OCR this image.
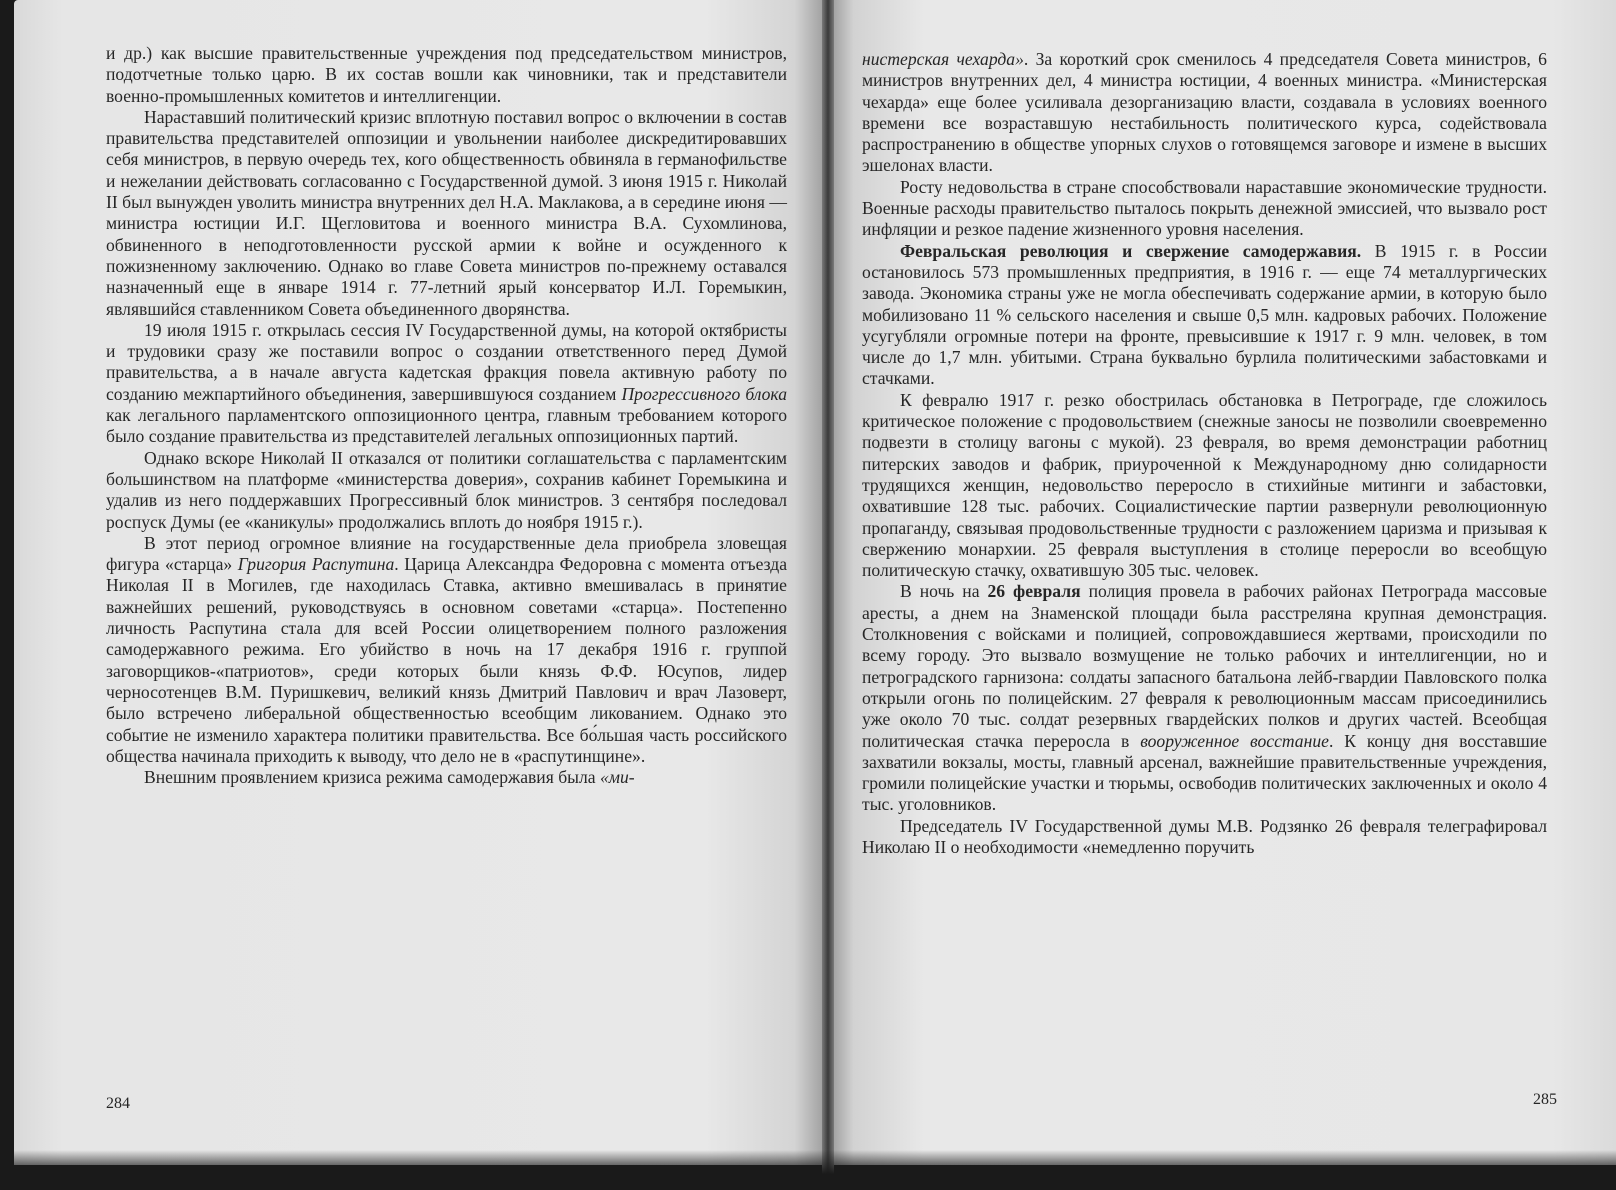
и др.) как высшие правительственные учреждения под председательством министров, подотчетные только царю. В их состав вошли как чиновники, так и представители военно-промышленных комитетов и интеллигенции.

Нараставший политический кризис вплотную поставил вопрос о включении в состав правительства представителей оппозиции и увольнении наиболее дискредитировавших себя министров, в первую очередь тех, кого общественность обвиняла в германофильстве и нежелании действовать согласованно с Государственной думой. 3 июня 1915 г. Николай II был вынужден уволить министра внутренних дел Н.А. Маклакова, а в середине июня — министра юстиции И.Г. Щегловитова и военного министра В.А. Сухомлинова, обвиненного в неподготовленности русской армии к войне и осужденного к пожизненному заключению. Однако во главе Совета министров по-прежнему оставался назначенный еще в январе 1914 г. 77-летний ярый консерватор И.Л. Горемыкин, являвшийся ставленником Совета объединенного дворянства.

19 июля 1915 г. открылась сессия IV Государственной думы, на которой октябристы и трудовики сразу же поставили вопрос о создании ответственного перед Думой правительства, а в начале августа кадетская фракция повела активную работу по созданию межпартийного объединения, завершившуюся созданием Прогрессивного блока как легального парламентского оппозиционного центра, главным требованием которого было создание правительства из представителей легальных оппозиционных партий.

Однако вскоре Николай II отказался от политики соглашательства с парламентским большинством на платформе «министерства доверия», сохранив кабинет Горемыкина и удалив из него поддержавших Прогрессивный блок министров. 3 сентября последовал роспуск Думы (ее «каникулы» продолжались вплоть до ноября 1915 г.).

В этот период огромное влияние на государственные дела приобрела зловещая фигура «старца» Григория Распутина. Царица Александра Федоровна с момента отъезда Николая II в Могилев, где находилась Ставка, активно вмешивалась в принятие важнейших решений, руководствуясь в основном советами «старца». Постепенно личность Распутина стала для всей России олицетворением полного разложения самодержавного режима. Его убийство в ночь на 17 декабря 1916 г. группой заговорщиков-«патриотов», среди которых были князь Ф.Ф. Юсупов, лидер черносотенцев В.М. Пуришкевич, великий князь Дмитрий Павлович и врач Лазоверт, было встречено либеральной общественностью всеобщим ликованием. Однако это событие не изменило характера политики правительства. Все бо́льшая часть российского общества начинала приходить к выводу, что дело не в «распутинщине».

Внешним проявлением кризиса режима самодержавия была «ми-

284

нистерская чехарда». За короткий срок сменилось 4 председателя Совета министров, 6 министров внутренних дел, 4 министра юстиции, 4 военных министра. «Министерская чехарда» еще более усиливала дезорганизацию власти, создавала в условиях военного времени все возраставшую нестабильность политического курса, содействовала распространению в обществе упорных слухов о готовящемся заговоре и измене в высших эшелонах власти.

Росту недовольства в стране способствовали нараставшие экономические трудности. Военные расходы правительство пыталось покрыть денежной эмиссией, что вызвало рост инфляции и резкое падение жизненного уровня населения.

Февральская революция и свержение самодержавия. В 1915 г. в России остановилось 573 промышленных предприятия, в 1916 г. — еще 74 металлургических завода. Экономика страны уже не могла обеспечивать содержание армии, в которую было мобилизовано 11 % сельского населения и свыше 0,5 млн. кадровых рабочих. Положение усугубляли огромные потери на фронте, превысившие к 1917 г. 9 млн. человек, в том числе до 1,7 млн. убитыми. Страна буквально бурлила политическими забастовками и стачками.

К февралю 1917 г. резко обострилась обстановка в Петрограде, где сложилось критическое положение с продовольствием (снежные заносы не позволили своевременно подвезти в столицу вагоны с мукой). 23 февраля, во время демонстрации работниц питерских заводов и фабрик, приуроченной к Международному дню солидарности трудящихся женщин, недовольство переросло в стихийные митинги и забастовки, охватившие 128 тыс. рабочих. Социалистические партии развернули революционную пропаганду, связывая продовольственные трудности с разложением царизма и призывая к свержению монархии. 25 февраля выступления в столице переросли во всеобщую политическую стачку, охватившую 305 тыс. человек.

В ночь на 26 февраля полиция провела в рабочих районах Петрограда массовые аресты, а днем на Знаменской площади была расстреляна крупная демонстрация. Столкновения с войсками и полицией, сопровождавшиеся жертвами, происходили по всему городу. Это вызвало возмущение не только рабочих и интеллигенции, но и петроградского гарнизона: солдаты запасного батальона лейб-гвардии Павловского полка открыли огонь по полицейским. 27 февраля к революционным массам присоединились уже около 70 тыс. солдат резервных гвардейских полков и других частей. Всеобщая политическая стачка переросла в вооруженное восстание. К концу дня восставшие захватили вокзалы, мосты, главный арсенал, важнейшие правительственные учреждения, громили полицейские участки и тюрьмы, освободив политических заключенных и около 4 тыс. уголовников.

Председатель IV Государственной думы М.В. Родзянко 26 февраля телеграфировал Николаю II о необходимости «немедленно поручить

285
